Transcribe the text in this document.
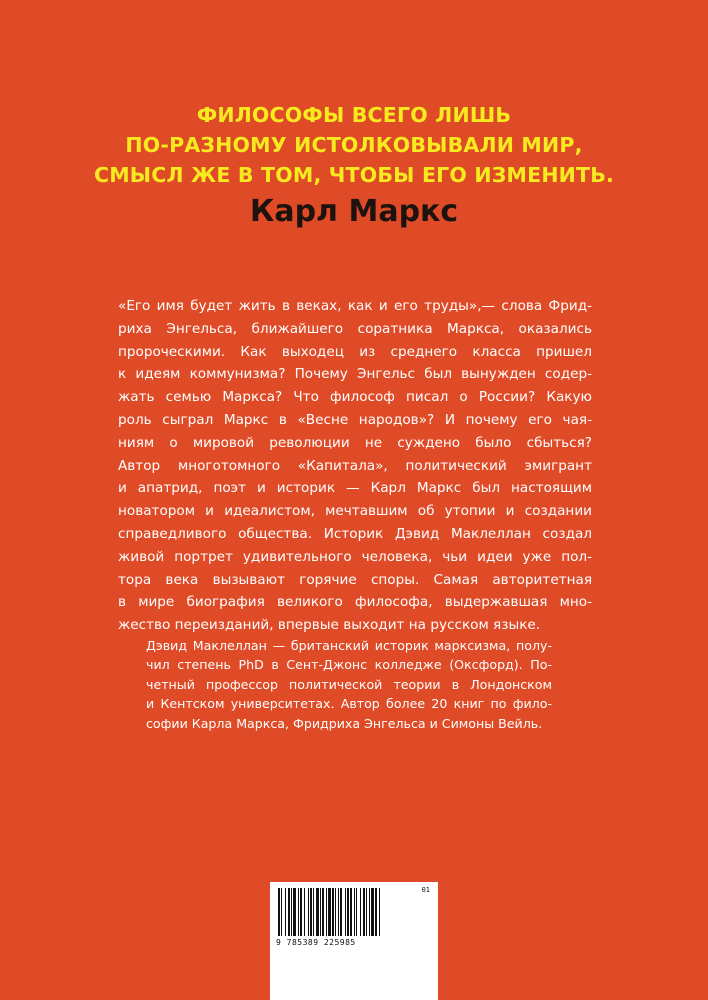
ФИЛОСОФЫ ВСЕГО ЛИШЬ
ПО-РАЗНОМУ ИСТОЛКОВЫВАЛИ МИР,
СМЫСЛ ЖЕ В ТОМ, ЧТОБЫ ЕГО ИЗМЕНИТЬ.
Карл Маркс
«Его имя будет жить в веках, как и его труды»,— слова Фрид-
риха Энгельса, ближайшего соратника Маркса, оказались
пророческими. Как выходец из среднего класса пришел
к идеям коммунизма? Почему Энгельс был вынужден содер-
жать семью Маркса? Что философ писал о России? Какую
роль сыграл Маркс в «Весне народов»? И почему его чая-
ниям о мировой революции не суждено было сбыться?
Автор многотомного «Капитала», политический эмигрант
и апатрид, поэт и историк — Карл Маркс был настоящим
новатором и идеалистом, мечтавшим об утопии и создании
справедливого общества. Историк Дэвид Маклеллан создал
живой портрет удивительного человека, чьи идеи уже пол-
тора века вызывают горячие споры. Самая авторитетная
в мире биография великого философа, выдержавшая мно-
жество переизданий, впервые выходит на русском языке.
Дэвид Маклеллан — британский историк марксизма, полу-
чил степень PhD в Сент-Джонс колледже (Оксфорд). По-
четный профессор политической теории в Лондонском
и Кентском университетах. Автор более 20 книг по фило-
софии Карла Маркса, Фридриха Энгельса и Симоны Вейль.
01
9 785389 225985
